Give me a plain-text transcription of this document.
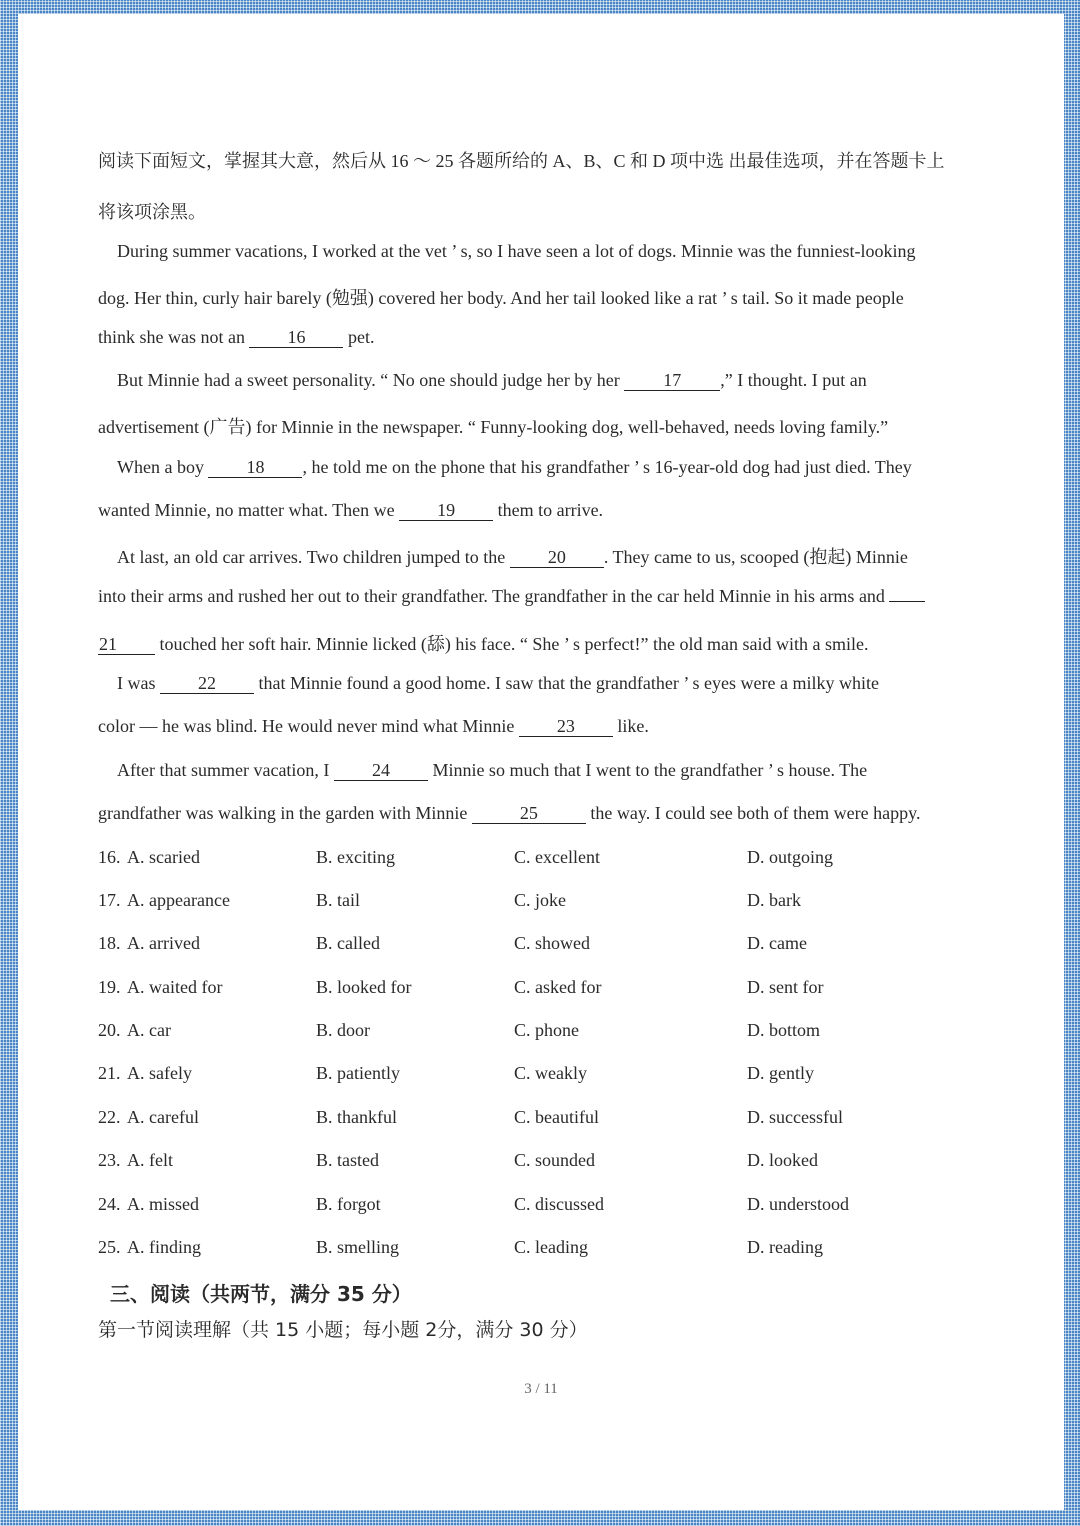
阅读下面短文，掌握其大意，然后从 16 ～ 25 各题所给的 A、B、C 和 D 项中选 出最佳选项，并在答题卡上
将该项涂黑。
During summer vacations, I worked at the vet ’ s, so I have seen a lot of dogs. Minnie was the funniest-looking
dog. Her thin, curly hair barely (勉强) covered her body. And her tail looked like a rat ’ s tail. So it made people
think she was not an 16 pet.
But Minnie had a sweet personality. “ No one should judge her by her 17 ,” I thought. I put an
advertisement (广告) for Minnie in the newspaper. “ Funny-looking dog, well-behaved, needs loving family.”
When a boy 18 , he told me on the phone that his grandfather ’ s 16-year-old dog had just died. They
wanted Minnie, no matter what. Then we 19 them to arrive.
At last, an old car arrives. Two children jumped to the 20 . They came to us, scooped (抱起) Minnie
into their arms and rushed her out to their grandfather. The grandfather in the car held Minnie in his arms and
21 touched her soft hair. Minnie licked (舔) his face. “ She ’ s perfect!” the old man said with a smile.
I was 22 that Minnie found a good home. I saw that the grandfather ’ s eyes were a milky white
color — he was blind. He would never mind what Minnie 23 like.
After that summer vacation, I 24 Minnie so much that I went to the grandfather ’ s house. The
grandfather was walking in the garden with Minnie	25	the way. I could see both of them were happy.
16. A. scaried	B. exciting	C. excellent	D. outgoing
17. A. appearance	B. tail	C. joke	D. bark
18. A. arrived	B. called	C. showed	D. came
19. A. waited for	B. looked for	C. asked for	D. sent for
20. A. car	B. door	C. phone	D. bottom
21. A. safely	B. patiently	C. weakly	D. gently
22. A. careful	B. thankful	C. beautiful	D. successful
23. A. felt	B. tasted	C. sounded	D. looked
24. A. missed	B. forgot	C. discussed	D. understood
25. A. finding	B. smelling	C. leading	D. reading
三、阅读（共两节，满分 35 分）
第一节阅读理解（共 15 小题；每小题 2分，满分 30 分）
3 / 11
